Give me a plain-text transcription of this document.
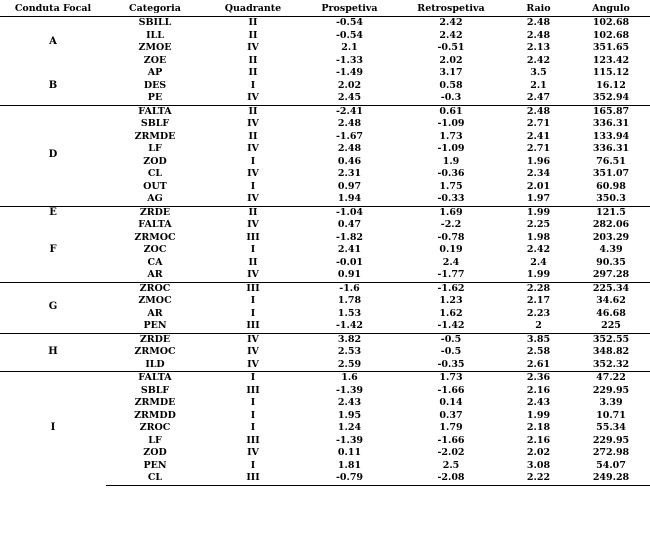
Conduta Focal	Categoria	Quadrante	Prospetiva	Retrospetiva	Raio	Angulo
A	SBILL	II	-0.54	2.42	2.48	102.68
	ILL	II	-0.54	2.42	2.48	102.68
	ZMOE	IV	2.1	-0.51	2.13	351.65
	ZOE	II	-1.33	2.02	2.42	123.42
B	AP	II	-1.49	3.17	3.5	115.12
	DES	I	2.02	0.58	2.1	16.12
	PE	IV	2.45	-0.3	2.47	352.94
D	FALTA	II	-2.41	0.61	2.48	165.87
	SBLF	IV	2.48	-1.09	2.71	336.31
	ZRMDE	II	-1.67	1.73	2.41	133.94
	LF	IV	2.48	-1.09	2.71	336.31
	ZOD	I	0.46	1.9	1.96	76.51
	CL	IV	2.31	-0.36	2.34	351.07
	OUT	I	0.97	1.75	2.01	60.98
	AG	IV	1.94	-0.33	1.97	350.3
E	ZRDE	II	-1.04	1.69	1.99	121.5
F	FALTA	IV	0.47	-2.2	2.25	282.06
	ZRMOC	III	-1.82	-0.78	1.98	203.29
	ZOC	I	2.41	0.19	2.42	4.39
	CA	II	-0.01	2.4	2.4	90.35
	AR	IV	0.91	-1.77	1.99	297.28
G	ZROC	III	-1.6	-1.62	2.28	225.34
	ZMOC	I	1.78	1.23	2.17	34.62
	AR	I	1.53	1.62	2.23	46.68
	PEN	III	-1.42	-1.42	2	225
H	ZRDE	IV	3.82	-0.5	3.85	352.55
	ZRMOC	IV	2.53	-0.5	2.58	348.82
	ILD	IV	2.59	-0.35	2.61	352.32
I	FALTA	I	1.6	1.73	2.36	47.22
	SBLF	III	-1.39	-1.66	2.16	229.95
	ZRMDE	I	2.43	0.14	2.43	3.39
	ZRMDD	I	1.95	0.37	1.99	10.71
	ZROC	I	1.24	1.79	2.18	55.34
	LF	III	-1.39	-1.66	2.16	229.95
	ZOD	IV	0.11	-2.02	2.02	272.98
	PEN	I	1.81	2.5	3.08	54.07
	CL	III	-0.79	-2.08	2.22	249.28
